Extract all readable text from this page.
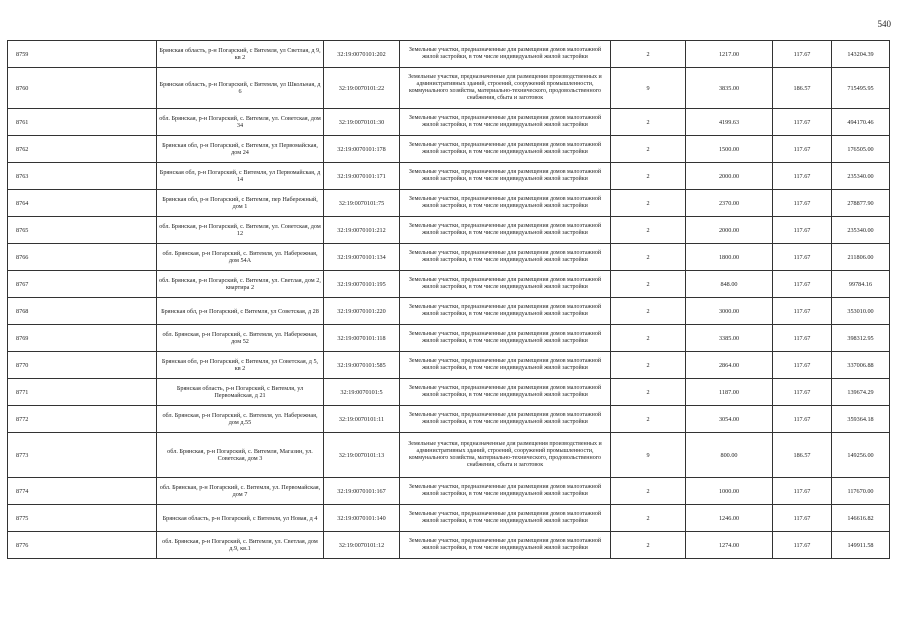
540
8759	Брянская область, р-н Погарский, с Витемля, ул Светлая, д 9, кв 2	32:19:0070101:202	Земельные участки, предназначенные для размещения домов малоэтажной жилой застройки, в том числе индивидуальной жилой застройки	2	1217.00	117.67	143204.39
8760	Брянская область, р-н Погарский, с Витемля, ул Школьная, д 6	32:19:0070101:22	Земельные участки, предназначенные для размещения производственных и административных зданий, строений, сооружений промышленности, коммунального хозяйства, материально-технического, продовольственного снабжения, сбыта и заготовок	9	3835.00	186.57	715495.95
8761	обл. Брянская, р-н Погарский, с. Витемля, ул. Советская, дом 34	32:19:0070101:30	Земельные участки, предназначенные для размещения домов малоэтажной жилой застройки, в том числе индивидуальной жилой застройки	2	4199.63	117.67	494170.46
8762	Брянская обл, р-н Погарский, с Витемля, ул Первомайская, дом 24	32:19:0070101:178	Земельные участки, предназначенные для размещения домов малоэтажной жилой застройки, в том числе индивидуальной жилой застройки	2	1500.00	117.67	176505.00
8763	Брянская обл, р-н Погарский, с Витемля, ул Первомайская, д 14	32:19:0070101:171	Земельные участки, предназначенные для размещения домов малоэтажной жилой застройки, в том числе индивидуальной жилой застройки	2	2000.00	117.67	235340.00
8764	Брянская обл, р-н Погарский, с Витемля, пер Набережный, дом 1	32:19:0070101:75	Земельные участки, предназначенные для размещения домов малоэтажной жилой застройки, в том числе индивидуальной жилой застройки	2	2370.00	117.67	278877.90
8765	обл. Брянская, р-н Погарский, с. Витемля, ул. Советская, дом 12	32:19:0070101:212	Земельные участки, предназначенные для размещения домов малоэтажной жилой застройки, в том числе индивидуальной жилой застройки	2	2000.00	117.67	235340.00
8766	обл. Брянская, р-н Погарский, с. Витемля, ул. Набережная, дом 54А	32:19:0070101:134	Земельные участки, предназначенные для размещения домов малоэтажной жилой застройки, в том числе индивидуальной жилой застройки	2	1800.00	117.67	211806.00
8767	обл. Брянская, р-н Погарский, с. Витемля, ул. Светлая, дом 2, квартира 2	32:19:0070101:195	Земельные участки, предназначенные для размещения домов малоэтажной жилой застройки, в том числе индивидуальной жилой застройки	2	848.00	117.67	99784.16
8768	Брянская обл, р-н Погарский, с Витемля, ул Советская, д 28	32:19:0070101:220	Земельные участки, предназначенные для размещения домов малоэтажной жилой застройки, в том числе индивидуальной жилой застройки	2	3000.00	117.67	353010.00
8769	обл. Брянская, р-н Погарский, с. Витемля, ул. Набережная, дом 52	32:19:0070101:118	Земельные участки, предназначенные для размещения домов малоэтажной жилой застройки, в том числе индивидуальной жилой застройки	2	3385.00	117.67	398312.95
8770	Брянская обл, р-н Погарский, с Витемля, ул Советская, д 5, кв 2	32:19:0070101:585	Земельные участки, предназначенные для размещения домов малоэтажной жилой застройки, в том числе индивидуальной жилой застройки	2	2864.00	117.67	337006.88
8771	Брянская область, р-н Погарский, с Витемля, ул Первомайская, д 21	32:19:0070101:5	Земельные участки, предназначенные для размещения домов малоэтажной жилой застройки, в том числе индивидуальной жилой застройки	2	1187.00	117.67	139674.29
8772	обл. Брянская, р-н Погарский, с. Витемля, ул. Набережная, дом д.55	32:19:0070101:11	Земельные участки, предназначенные для размещения домов малоэтажной жилой застройки, в том числе индивидуальной жилой застройки	2	3054.00	117.67	359364.18
8773	обл. Брянская, р-н Погарский, с. Витемля, Магазин, ул. Советская, дом 3	32:19:0070101:13	Земельные участки, предназначенные для размещения производственных и административных зданий, строений, сооружений промышленности, коммунального хозяйства, материально-технического, продовольственного снабжения, сбыта и заготовок	9	800.00	186.57	149256.00
8774	обл. Брянская, р-н Погарский, с. Витемля, ул. Первомайская, дом 7	32:19:0070101:167	Земельные участки, предназначенные для размещения домов малоэтажной жилой застройки, в том числе индивидуальной жилой застройки	2	1000.00	117.67	117670.00
8775	Брянская область, р-н Погарский, с Витемля, ул Новая, д 4	32:19:0070101:140	Земельные участки, предназначенные для размещения домов малоэтажной жилой застройки, в том числе индивидуальной жилой застройки	2	1246.00	117.67	146616.82
8776	обл. Брянская, р-н Погарский, с. Витемля, ул. Светлая, дом д.9, кв.1	32:19:0070101:12	Земельные участки, предназначенные для размещения домов малоэтажной жилой застройки, в том числе индивидуальной жилой застройки	2	1274.00	117.67	149911.58
